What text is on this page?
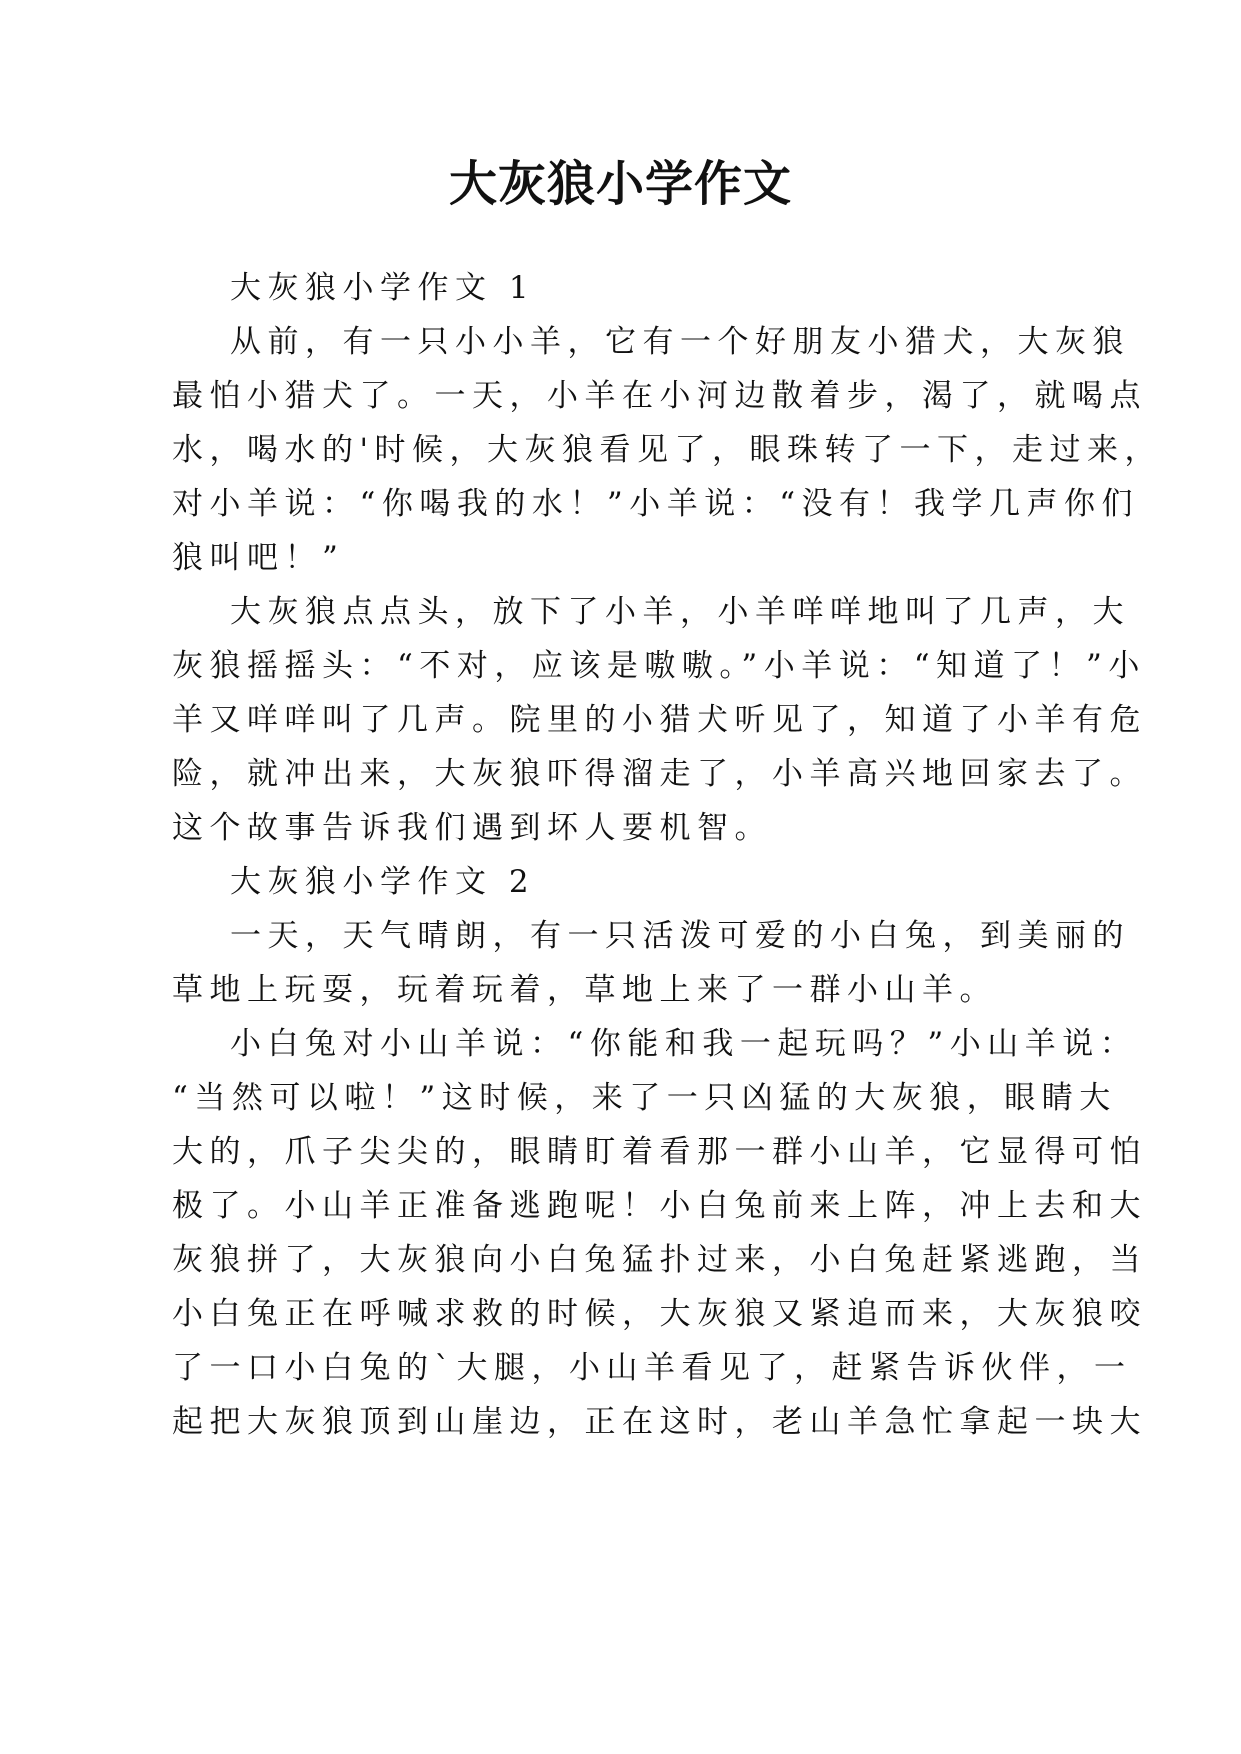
大灰狼小学作文
大灰狼小学作文 1
从前，有一只小小羊，它有一个好朋友小猎犬，大灰狼
最怕小猎犬了。一天，小羊在小河边散着步，渴了，就喝点
水，喝水的'时候，大灰狼看见了，眼珠转了一下，走过来，
对小羊说：“你喝我的水！”小羊说：“没有！我学几声你们
狼叫吧！”
大灰狼点点头，放下了小羊，小羊咩咩地叫了几声，大
灰狼摇摇头：“不对，应该是嗷嗷。”小羊说：“知道了！”小
羊又咩咩叫了几声。院里的小猎犬听见了，知道了小羊有危
险，就冲出来，大灰狼吓得溜走了，小羊高兴地回家去了。
这个故事告诉我们遇到坏人要机智。
大灰狼小学作文 2
一天，天气晴朗，有一只活泼可爱的小白兔，到美丽的
草地上玩耍，玩着玩着，草地上来了一群小山羊。
小白兔对小山羊说：“你能和我一起玩吗？”小山羊说：
“当然可以啦！”这时候，来了一只凶猛的大灰狼，眼睛大
大的，爪子尖尖的，眼睛盯着看那一群小山羊，它显得可怕
极了。小山羊正准备逃跑呢！小白兔前来上阵，冲上去和大
灰狼拼了，大灰狼向小白兔猛扑过来，小白兔赶紧逃跑，当
小白兔正在呼喊求救的时候，大灰狼又紧追而来，大灰狼咬
了一口小白兔的`大腿，小山羊看见了，赶紧告诉伙伴，一
起把大灰狼顶到山崖边，正在这时，老山羊急忙拿起一块大
